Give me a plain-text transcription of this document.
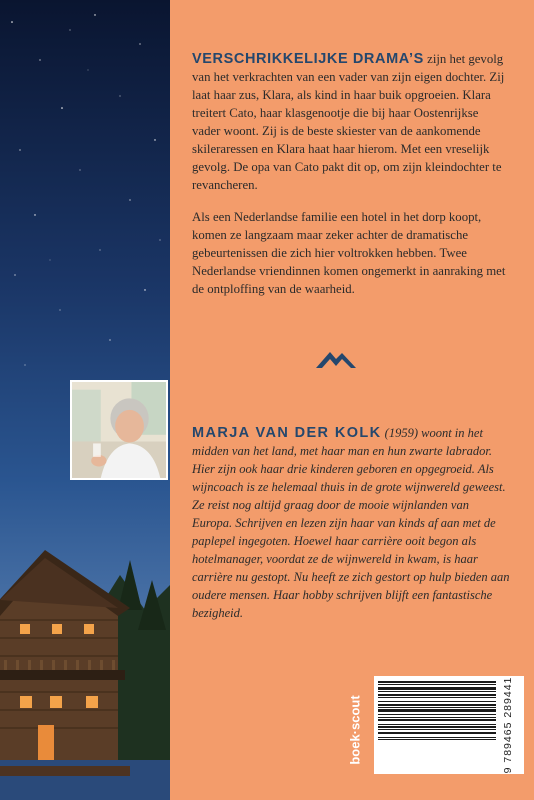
VERSCHRIKKELIJKE DRAMA’S zijn het gevolg van het verkrachten van een vader van zijn eigen dochter. Zij laat haar zus, Klara, als kind in haar buik opgroeien. Klara treitert Cato, haar klasgenootje die bij haar Oostenrijkse vader woont. Zij is de beste skiester van de aankomende skileraressen en Klara haat haar hierom. Met een vreselijk gevolg. De opa van Cato pakt dit op, om zijn kleindochter te revancheren.

Als een Nederlandse familie een hotel in het dorp koopt, komen ze langzaam maar zeker achter de dramatische gebeurtenissen die zich hier voltrokken hebben. Twee Nederlandse vriendinnen komen ongemerkt in aanraking met de ontploffing van de waarheid.

MARJA VAN DER KOLK (1959) woont in het midden van het land, met haar man en hun zwarte labrador. Hier zijn ook haar drie kinderen geboren en opgegroeid. Als wijncoach is ze helemaal thuis in de grote wijnwereld geweest. Ze reist nog altijd graag door de mooie wijnlanden van Europa. Schrijven en lezen zijn haar van kinds af aan met de paplepel ingegoten. Hoewel haar carrière ooit begon als hotelmanager, voordat ze de wijnwereld in kwam, is haar carrière nu gestopt. Nu heeft ze zich gestort op hulp bieden aan oudere mensen. Haar hobby schrijven blijft een fantastische bezigheid.

boek·scout	9 789465 289441
